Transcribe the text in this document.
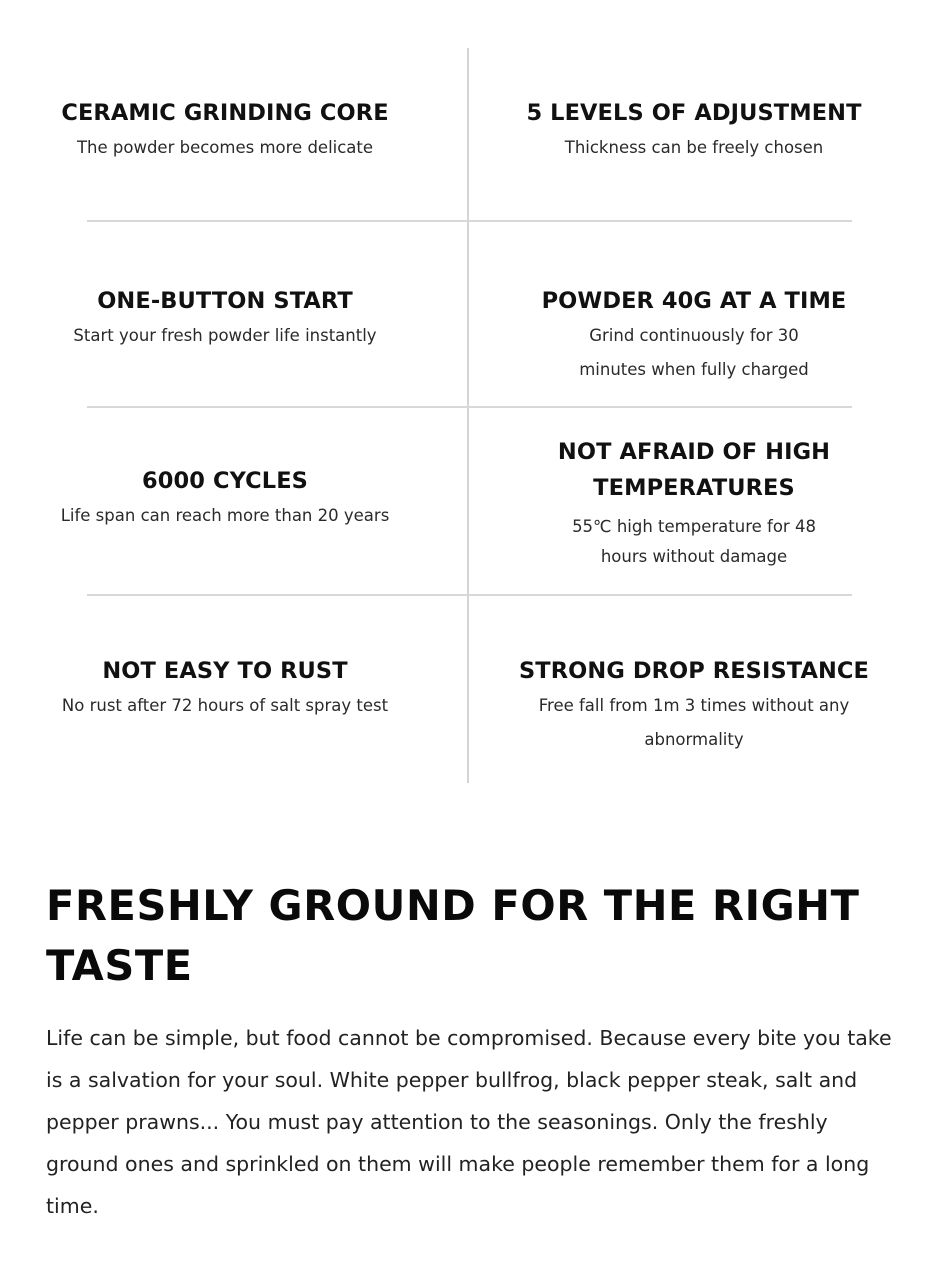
CERAMIC GRINDING CORE

The powder becomes more delicate

5 LEVELS OF ADJUSTMENT

Thickness can be freely chosen

ONE-BUTTON START

Start your fresh powder life instantly

POWDER 40G AT A TIME

Grind continuously for 30 minutes when fully charged

6000 CYCLES

Life span can reach more than 20 years

NOT AFRAID OF HIGH TEMPERATURES

55℃ high temperature for 48 hours without damage

NOT EASY TO RUST

No rust after 72 hours of salt spray test

STRONG DROP RESISTANCE

Free fall from 1m 3 times without any abnormality

FRESHLY GROUND FOR THE RIGHT TASTE

Life can be simple, but food cannot be compromised. Because every bite you take is a salvation for your soul. White pepper bullfrog, black pepper steak, salt and pepper prawns... You must pay attention to the seasonings. Only the freshly ground ones and sprinkled on them will make people remember them for a long time.
